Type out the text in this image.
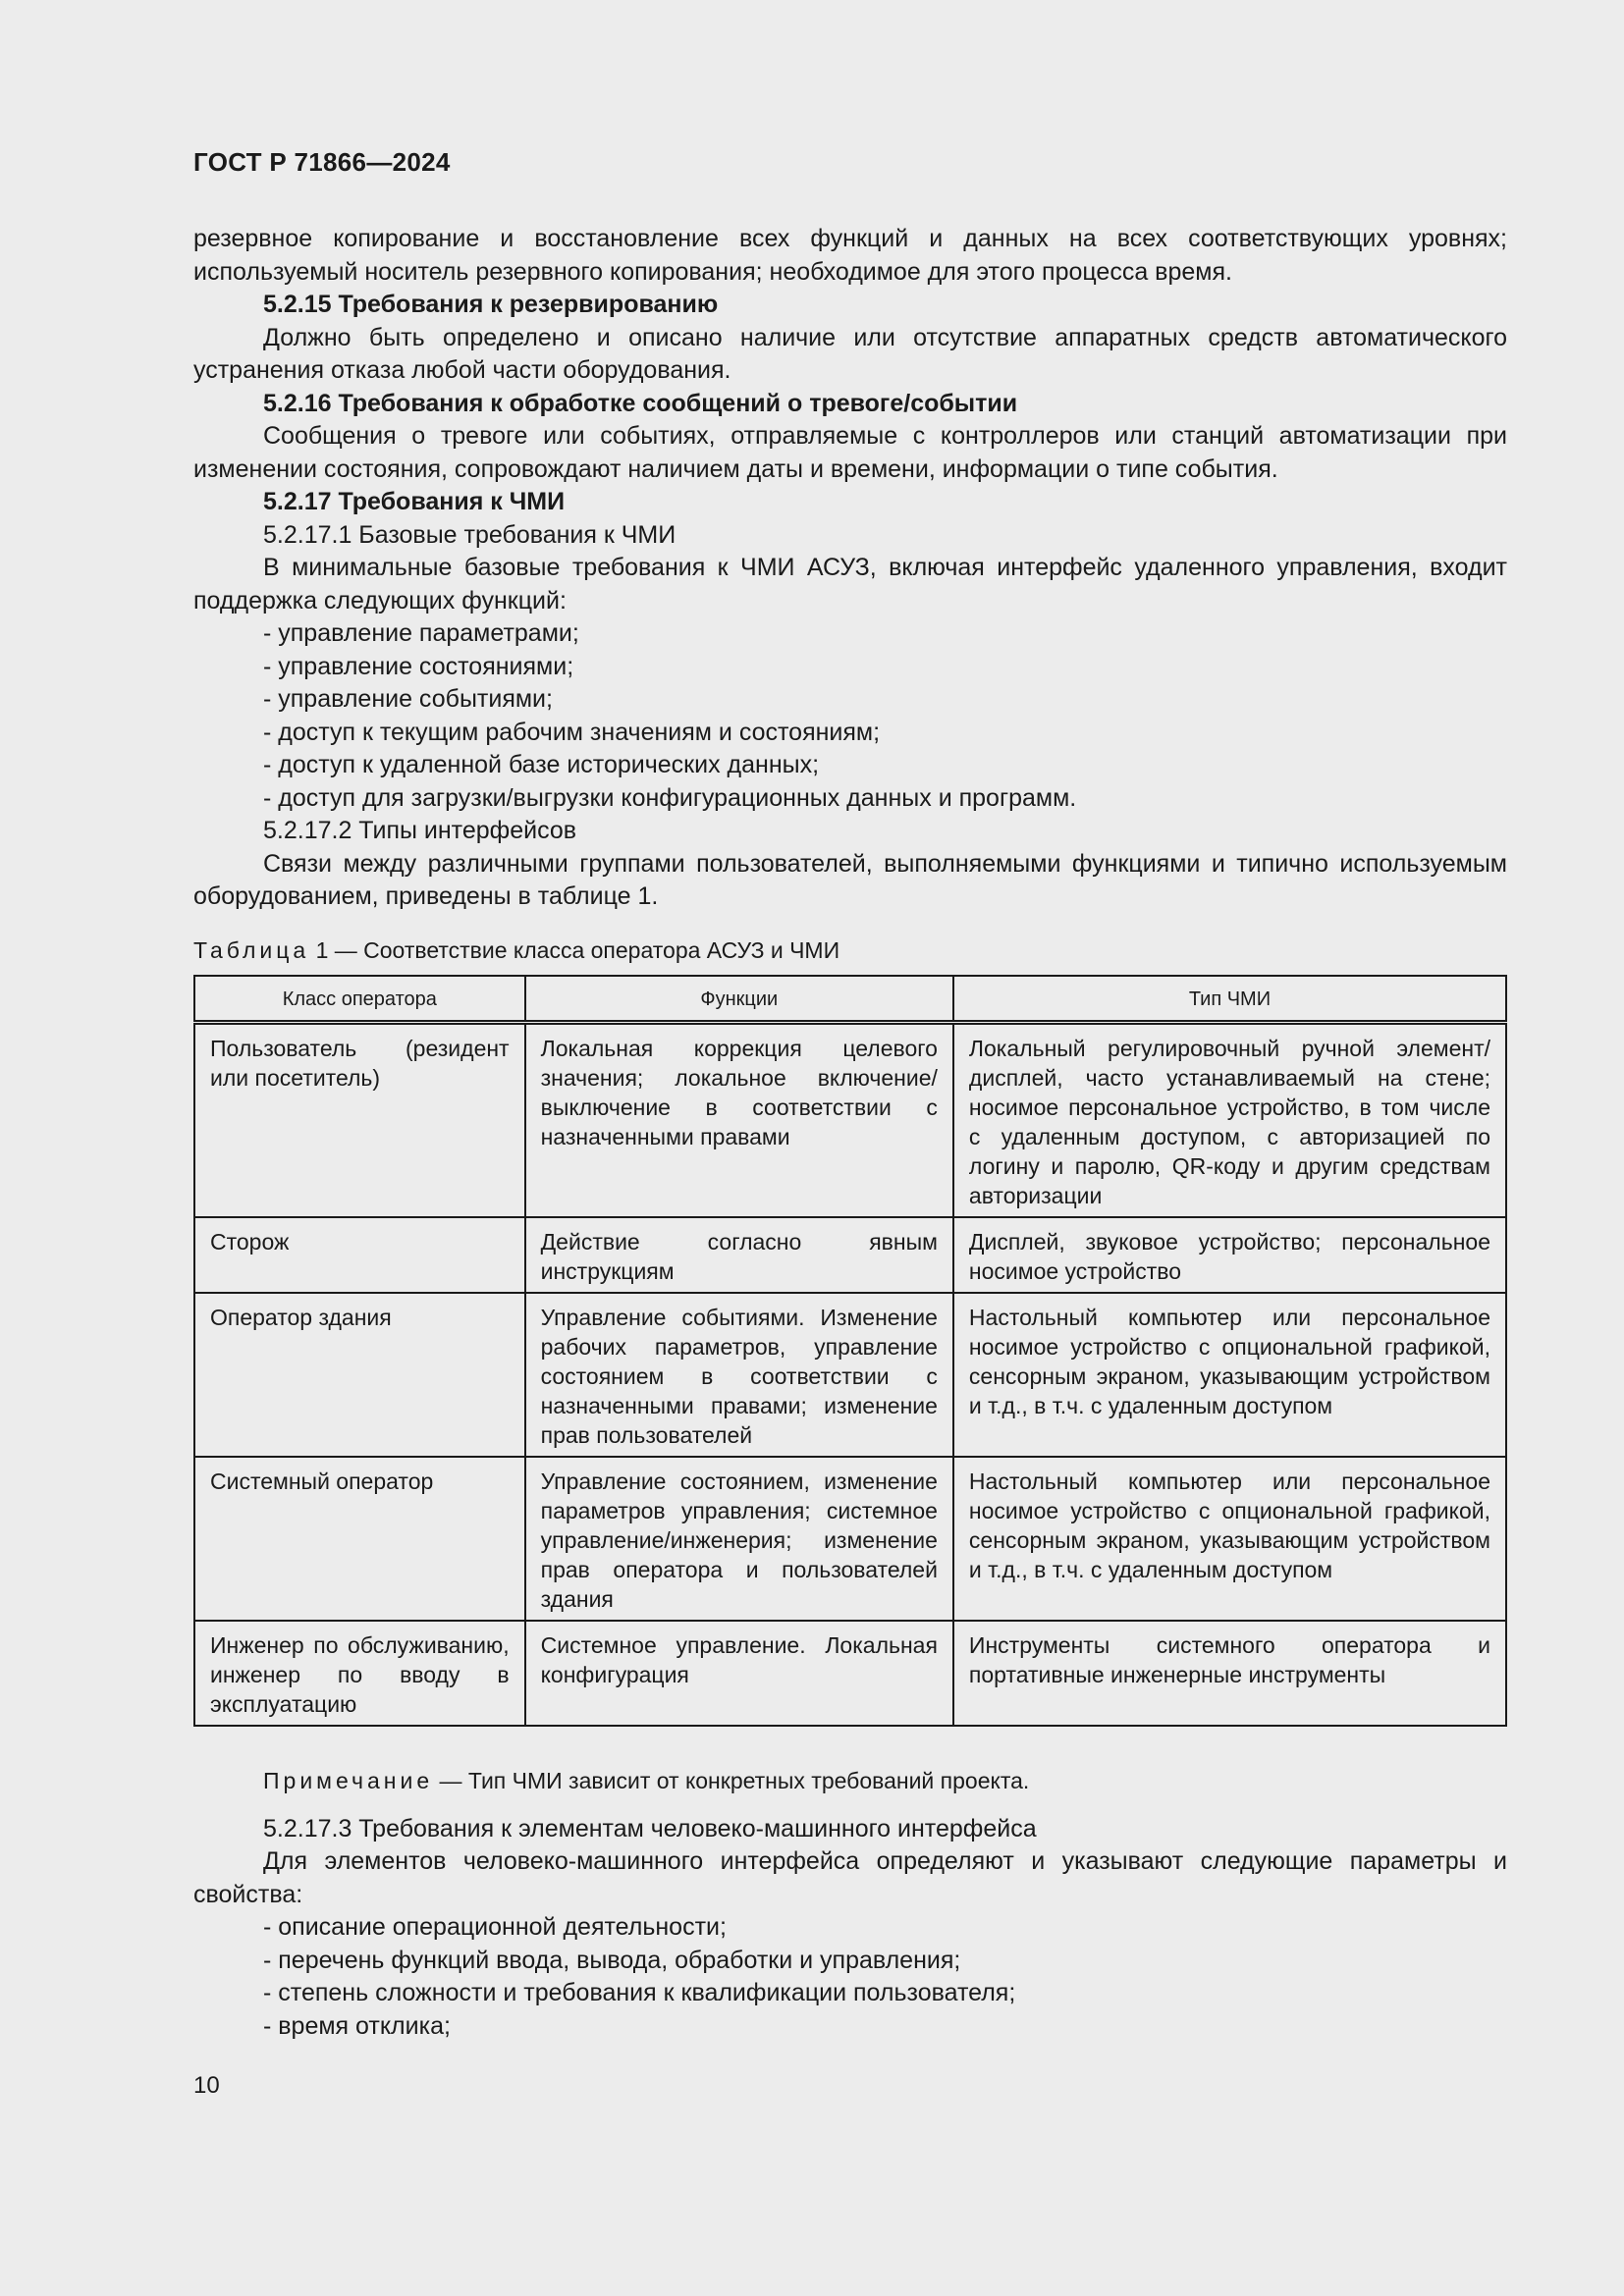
ГОСТ Р 71866—2024

резервное копирование и восстановление всех функций и данных на всех соответствующих уровнях; используемый носитель резервного копирования; необходимое для этого процесса время.

5.2.15 Требования к резервированию

Должно быть определено и описано наличие или отсутствие аппаратных средств автоматического устранения отказа любой части оборудования.

5.2.16 Требования к обработке сообщений о тревоге/событии

Сообщения о тревоге или событиях, отправляемые с контроллеров или станций автоматизации при изменении состояния, сопровождают наличием даты и времени, информации о типе события.

5.2.17 Требования к ЧМИ

5.2.17.1 Базовые требования к ЧМИ

В минимальные базовые требования к ЧМИ АСУЗ, включая интерфейс удаленного управления, входит поддержка следующих функций:

- управление параметрами;
- управление состояниями;
- управление событиями;
- доступ к текущим рабочим значениям и состояниям;
- доступ к удаленной базе исторических данных;
- доступ для загрузки/выгрузки конфигурационных данных и программ.

5.2.17.2 Типы интерфейсов

Связи между различными группами пользователей, выполняемыми функциями и типично используемым оборудованием, приведены в таблице 1.

Таблица 1 — Соответствие класса оператора АСУЗ и ЧМИ

Класс оператора	Функции	Тип ЧМИ
Пользователь (резидент или посетитель)	Локальная коррекция целевого значения; локальное включение/выключение в соответствии с назначенными правами	Локальный регулировочный ручной элемент/дисплей, часто устанавливаемый на стене; носимое персональное устройство, в том числе с удаленным доступом, с авторизацией по логину и паролю, QR-коду и другим средствам авторизации
Сторож	Действие согласно явным инструкциям	Дисплей, звуковое устройство; персональное носимое устройство
Оператор здания	Управление событиями. Изменение рабочих параметров, управление состоянием в соответствии с назначенными правами; изменение прав пользователей	Настольный компьютер или персональное носимое устройство с опциональной графикой, сенсорным экраном, указывающим устройством и т.д., в т.ч. с удаленным доступом
Системный оператор	Управление состоянием, изменение параметров управления; системное управление/инженерия; изменение прав оператора и пользователей здания	Настольный компьютер или персональное носимое устройство с опциональной графикой, сенсорным экраном, указывающим устройством и т.д., в т.ч. с удаленным доступом
Инженер по обслуживанию, инженер по вводу в эксплуатацию	Системное управление. Локальная конфигурация	Инструменты системного оператора и портативные инженерные инструменты

Примечание — Тип ЧМИ зависит от конкретных требований проекта.

5.2.17.3 Требования к элементам человеко-машинного интерфейса

Для элементов человеко-машинного интерфейса определяют и указывают следующие параметры и свойства:

- описание операционной деятельности;
- перечень функций ввода, вывода, обработки и управления;
- степень сложности и требования к квалификации пользователя;
- время отклика;
10
